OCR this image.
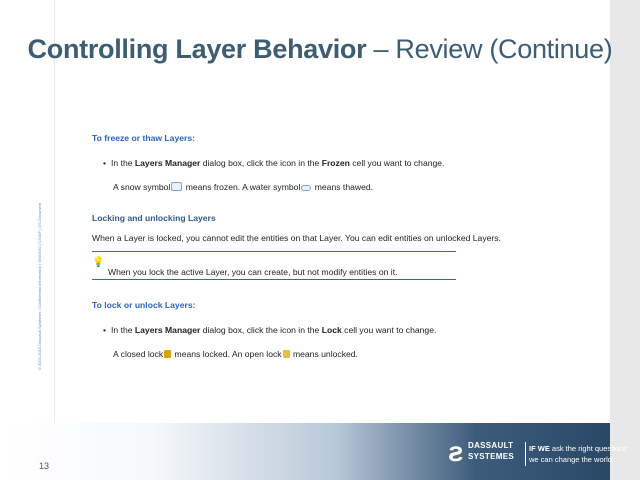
Controlling Layer Behavior – Review (Continue)
© 2002-2010 Dassault Systèmes | Confidential Information | SIW2010 | CSWP | DS Document
To freeze or thaw Layers:
• In the Layers Manager dialog box, click the icon in the Frozen cell you want to change.
A snow symbol means frozen. A water symbol means thawed.
Locking and unlocking Layers
When a Layer is locked, you cannot edit the entities on that Layer. You can edit entities on unlocked Layers.
💡
When you lock the active Layer, you can create, but not modify entities on it.
To lock or unlock Layers:
• In the Layers Manager dialog box, click the icon in the Lock cell you want to change.
A closed lock means locked. An open lock means unlocked.
13	ƨ DASSAULT
SYSTEMES
IF WE ask the right questions
we can change the world.
